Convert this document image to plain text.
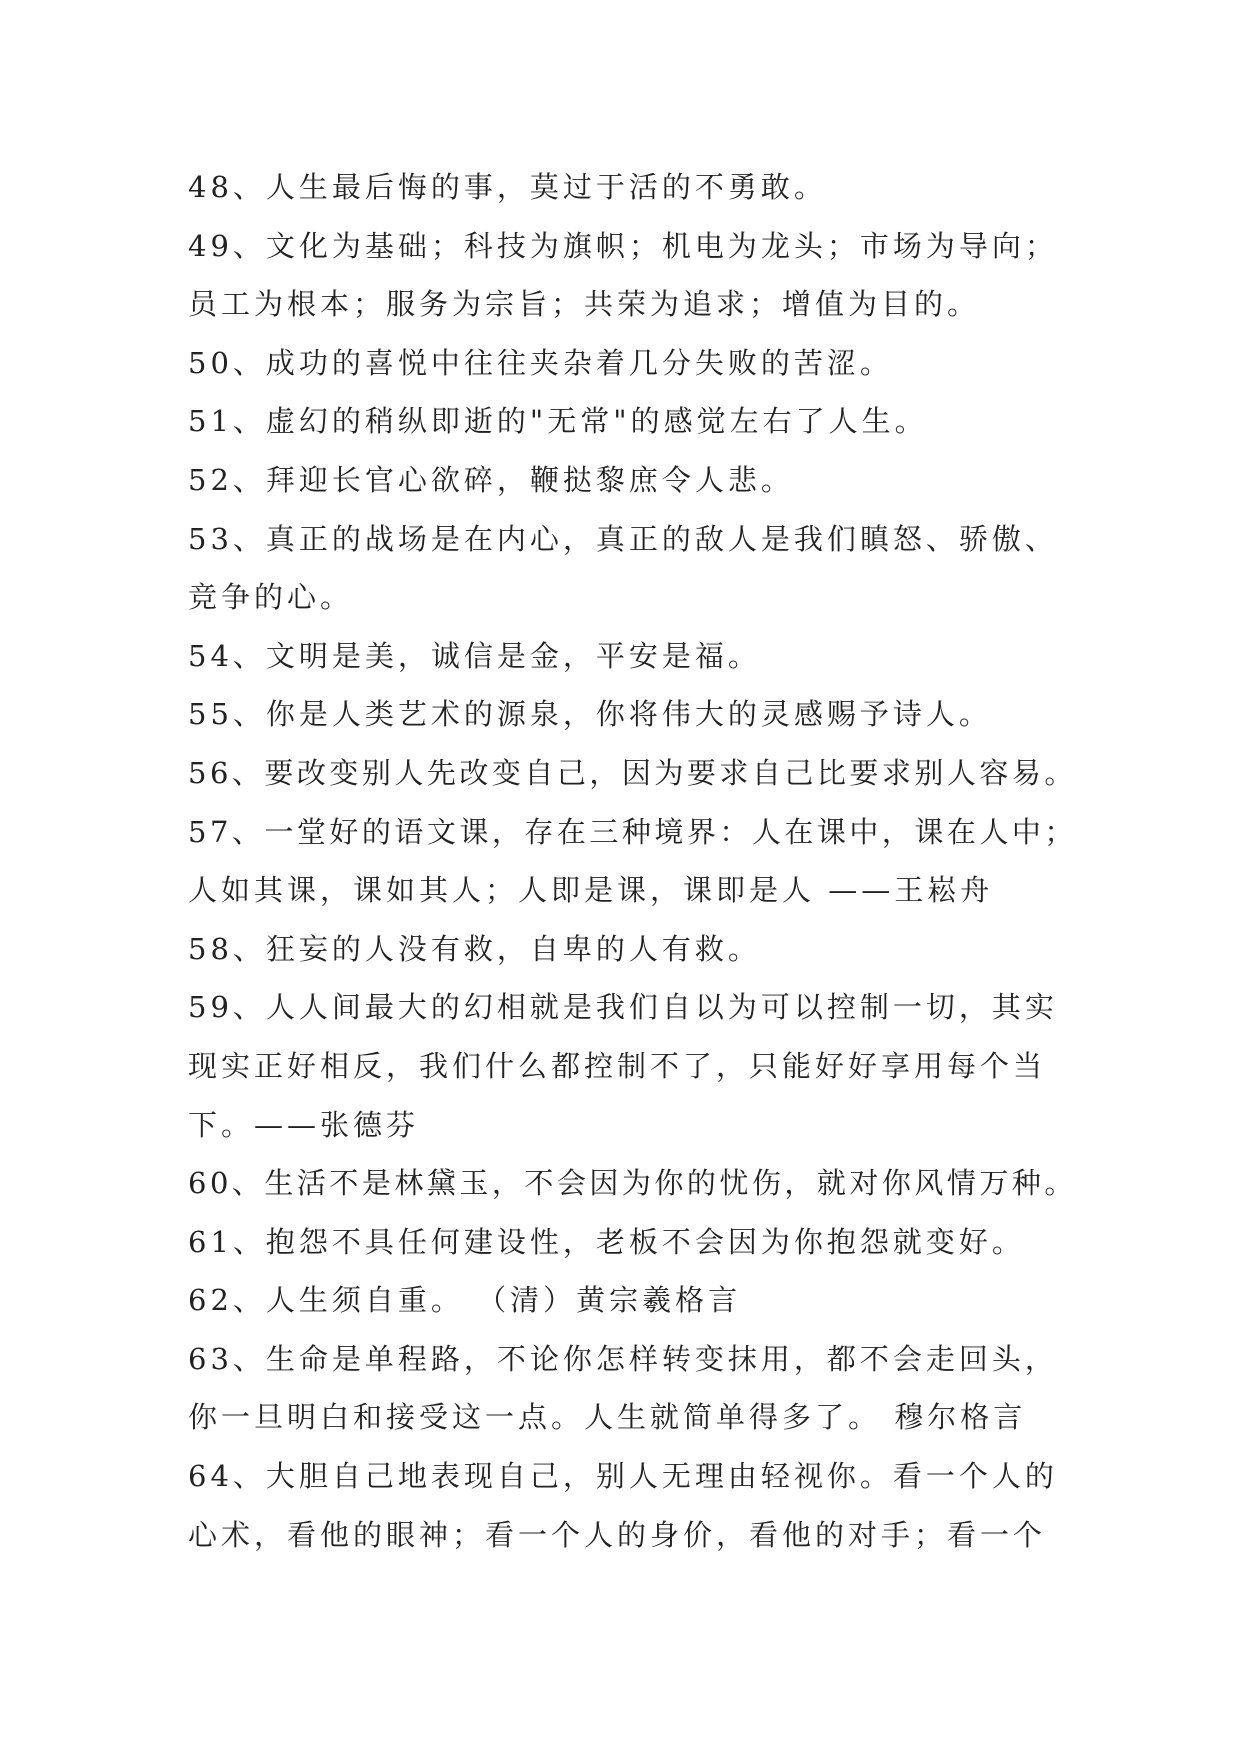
48、人生最后悔的事，莫过于活的不勇敢。
49、文化为基础；科技为旗帜；机电为龙头；市场为导向；
员工为根本；服务为宗旨；共荣为追求；增值为目的。
50、成功的喜悦中往往夹杂着几分失败的苦涩。
51、虚幻的稍纵即逝的"无常"的感觉左右了人生。
52、拜迎长官心欲碎，鞭挞黎庶令人悲。
53、真正的战场是在内心，真正的敌人是我们瞋怒、骄傲、
竞争的心。
54、文明是美，诚信是金，平安是福。
55、你是人类艺术的源泉，你将伟大的灵感赐予诗人。
56、要改变别人先改变自己，因为要求自己比要求别人容易。
57、一堂好的语文课，存在三种境界：人在课中，课在人中；
人如其课，课如其人；人即是课，课即是人 ——王崧舟
58、狂妄的人没有救，自卑的人有救。
59、人人间最大的幻相就是我们自以为可以控制一切，其实
现实正好相反，我们什么都控制不了，只能好好享用每个当
下。——张德芬
60、生活不是林黛玉，不会因为你的忧伤，就对你风情万种。
61、抱怨不具任何建设性，老板不会因为你抱怨就变好。
62、人生须自重。 （清）黄宗羲格言
63、生命是单程路，不论你怎样转变抹用，都不会走回头，
你一旦明白和接受这一点。人生就简单得多了。 穆尔格言
64、大胆自己地表现自己，别人无理由轻视你。看一个人的
心术，看他的眼神；看一个人的身价，看他的对手；看一个
